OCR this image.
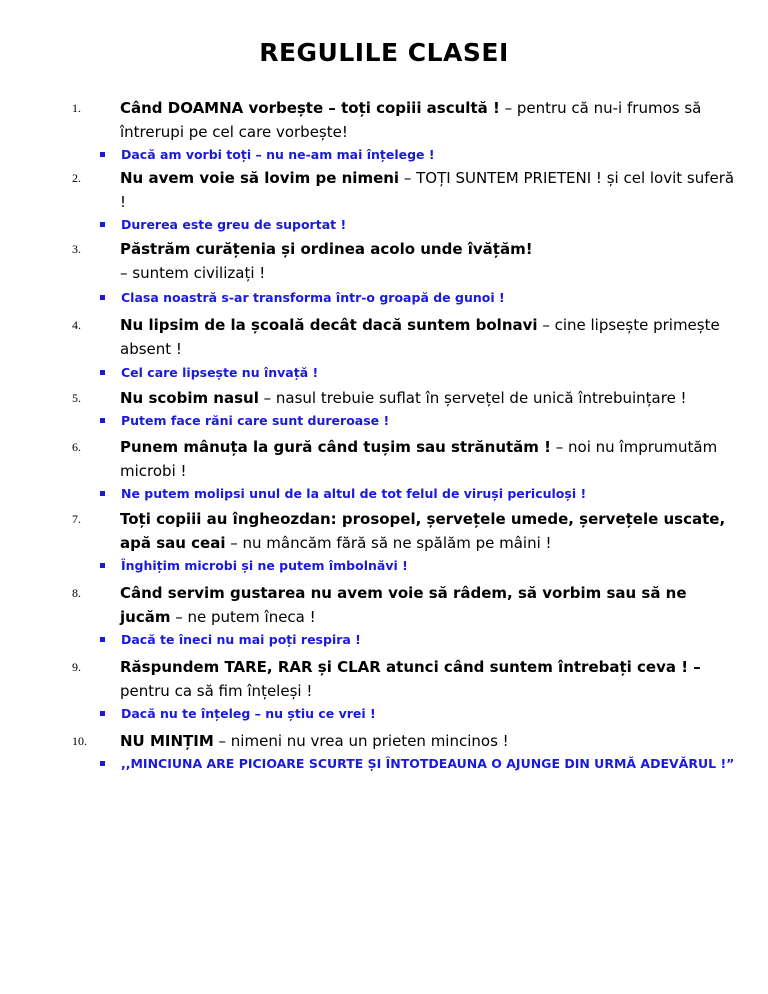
REGULILE CLASEI
1.	Când DOAMNA vorbește – toți copiii ascultă ! – pentru că nu-i frumos să întrerupi pe cel care vorbește!
Dacă am vorbi toți – nu ne-am mai înțelege !
2.	Nu avem voie să lovim pe nimeni – TOȚI SUNTEM PRIETENI ! și cel lovit suferă !
Durerea este greu de suportat !
3.	Păstrăm curățenia și ordinea acolo unde îvățăm!
– suntem civilizați !
Clasa noastră s-ar transforma într-o groapă de gunoi !
4.	Nu lipsim de la școală decât dacă suntem bolnavi – cine lipsește primește absent !
Cel care lipsește nu învață !
5.	Nu scobim nasul – nasul trebuie suflat în șervețel de unică întrebuințare !
Putem face răni care sunt dureroase !
6.	Punem mânuța la gură când tușim sau strănutăm ! – noi nu împrumutăm microbi !
Ne putem molipsi unul de la altul de tot felul de viruși periculoși !
7.	Toți copiii au îngheozdan: prosopel, șervețele umede, șervețele uscate, apă sau ceai – nu mâncăm fără să ne spălăm pe mâini !
Înghițim microbi și ne putem îmbolnăvi !
8.	Când servim gustarea nu avem voie să râdem, să vorbim sau să ne jucăm – ne putem îneca !
Dacă te îneci nu mai poți respira !
9.	Răspundem TARE, RAR și CLAR atunci când suntem întrebați ceva ! – pentru ca să fim înțeleși !
Dacă nu te înțeleg – nu știu ce vrei !
10.	NU MINȚIM – nimeni nu vrea un prieten mincinos !
,,MINCIUNA ARE PICIOARE SCURTE ȘI ÎNTOTDEAUNA O AJUNGE DIN URMĂ ADEVĂRUL !”
